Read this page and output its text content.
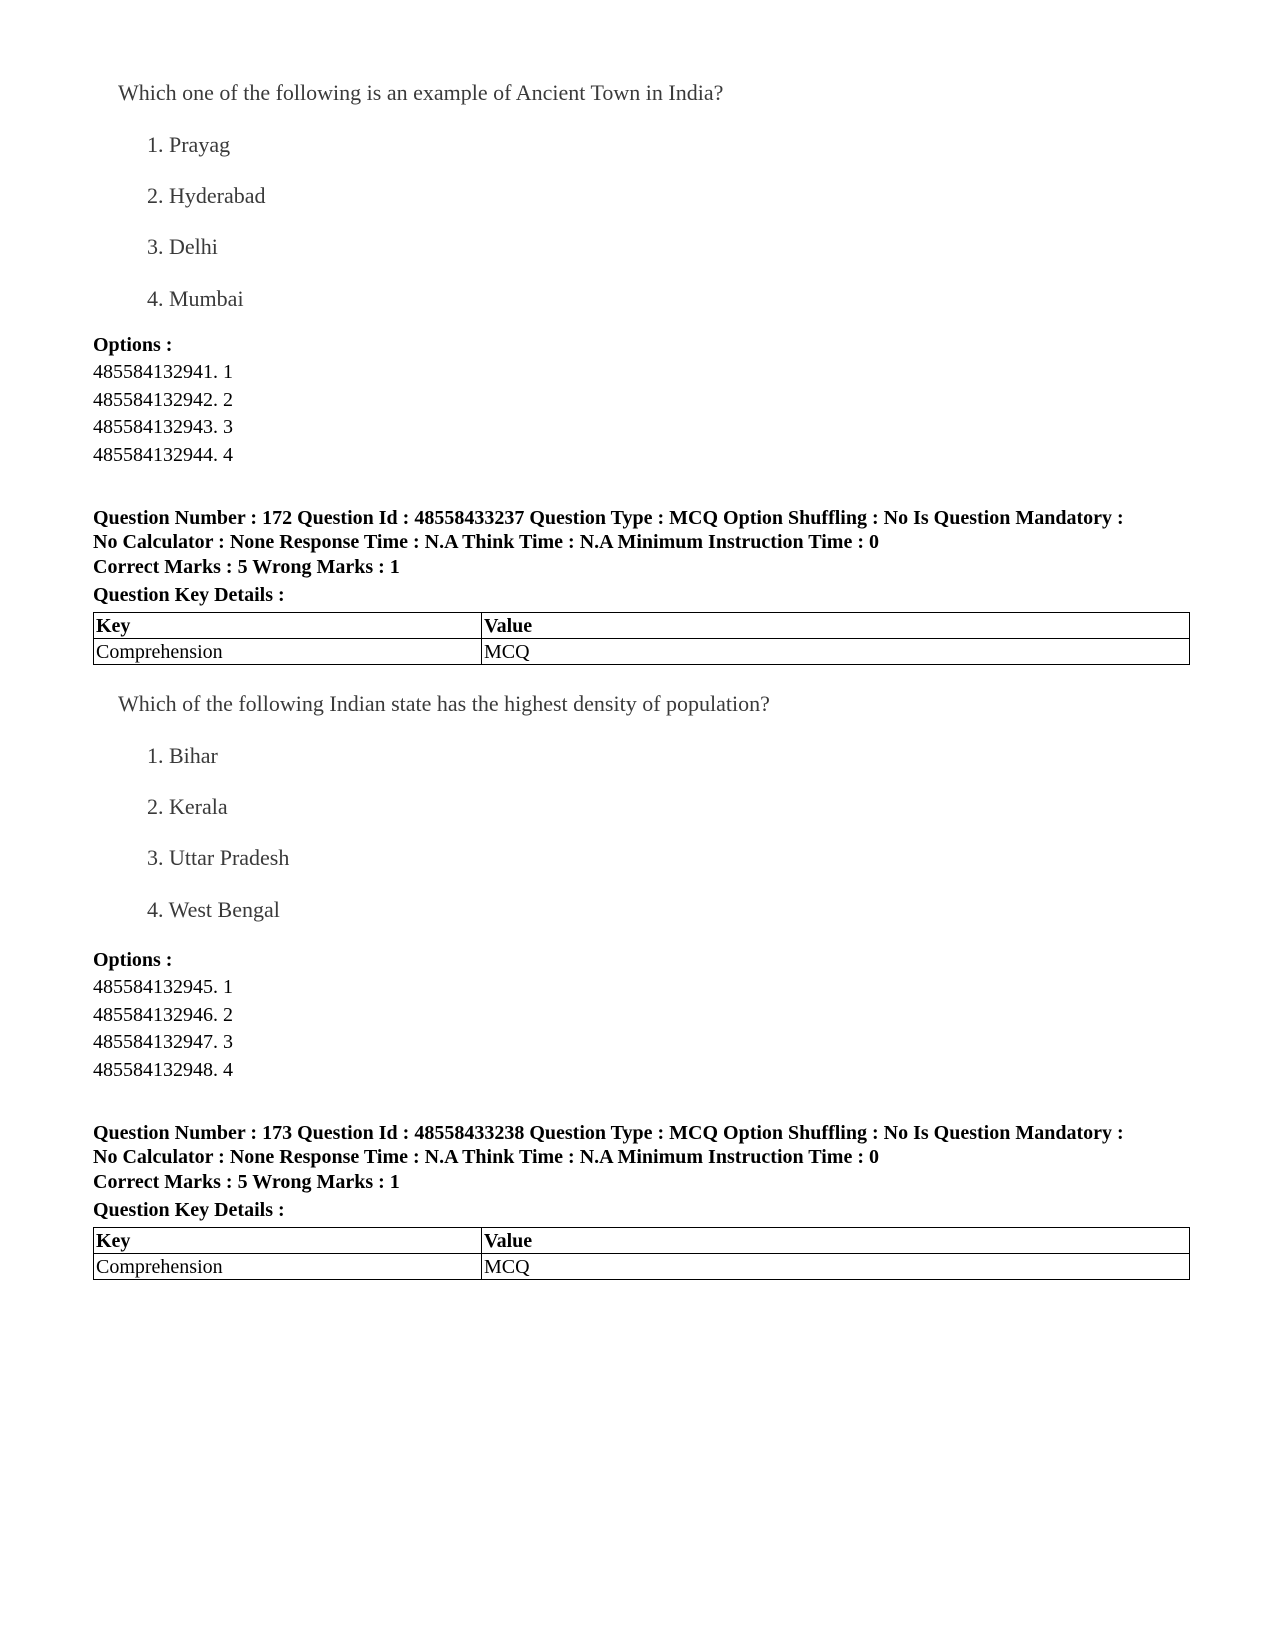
Which one of the following is an example of Ancient Town in India?
1. Prayag
2. Hyderabad
3. Delhi
4. Mumbai
Options :
485584132941. 1
485584132942. 2
485584132943. 3
485584132944. 4
Question Number : 172 Question Id : 48558433237 Question Type : MCQ Option Shuffling : No Is Question Mandatory :
No Calculator : None Response Time : N.A Think Time : N.A Minimum Instruction Time : 0
Correct Marks : 5 Wrong Marks : 1
Question Key Details :
Key	Value
Comprehension	MCQ
Which of the following Indian state has the highest density of population?
1. Bihar
2. Kerala
3. Uttar Pradesh
4. West Bengal
Options :
485584132945. 1
485584132946. 2
485584132947. 3
485584132948. 4
Question Number : 173 Question Id : 48558433238 Question Type : MCQ Option Shuffling : No Is Question Mandatory :
No Calculator : None Response Time : N.A Think Time : N.A Minimum Instruction Time : 0
Correct Marks : 5 Wrong Marks : 1
Question Key Details :
Key	Value
Comprehension	MCQ
